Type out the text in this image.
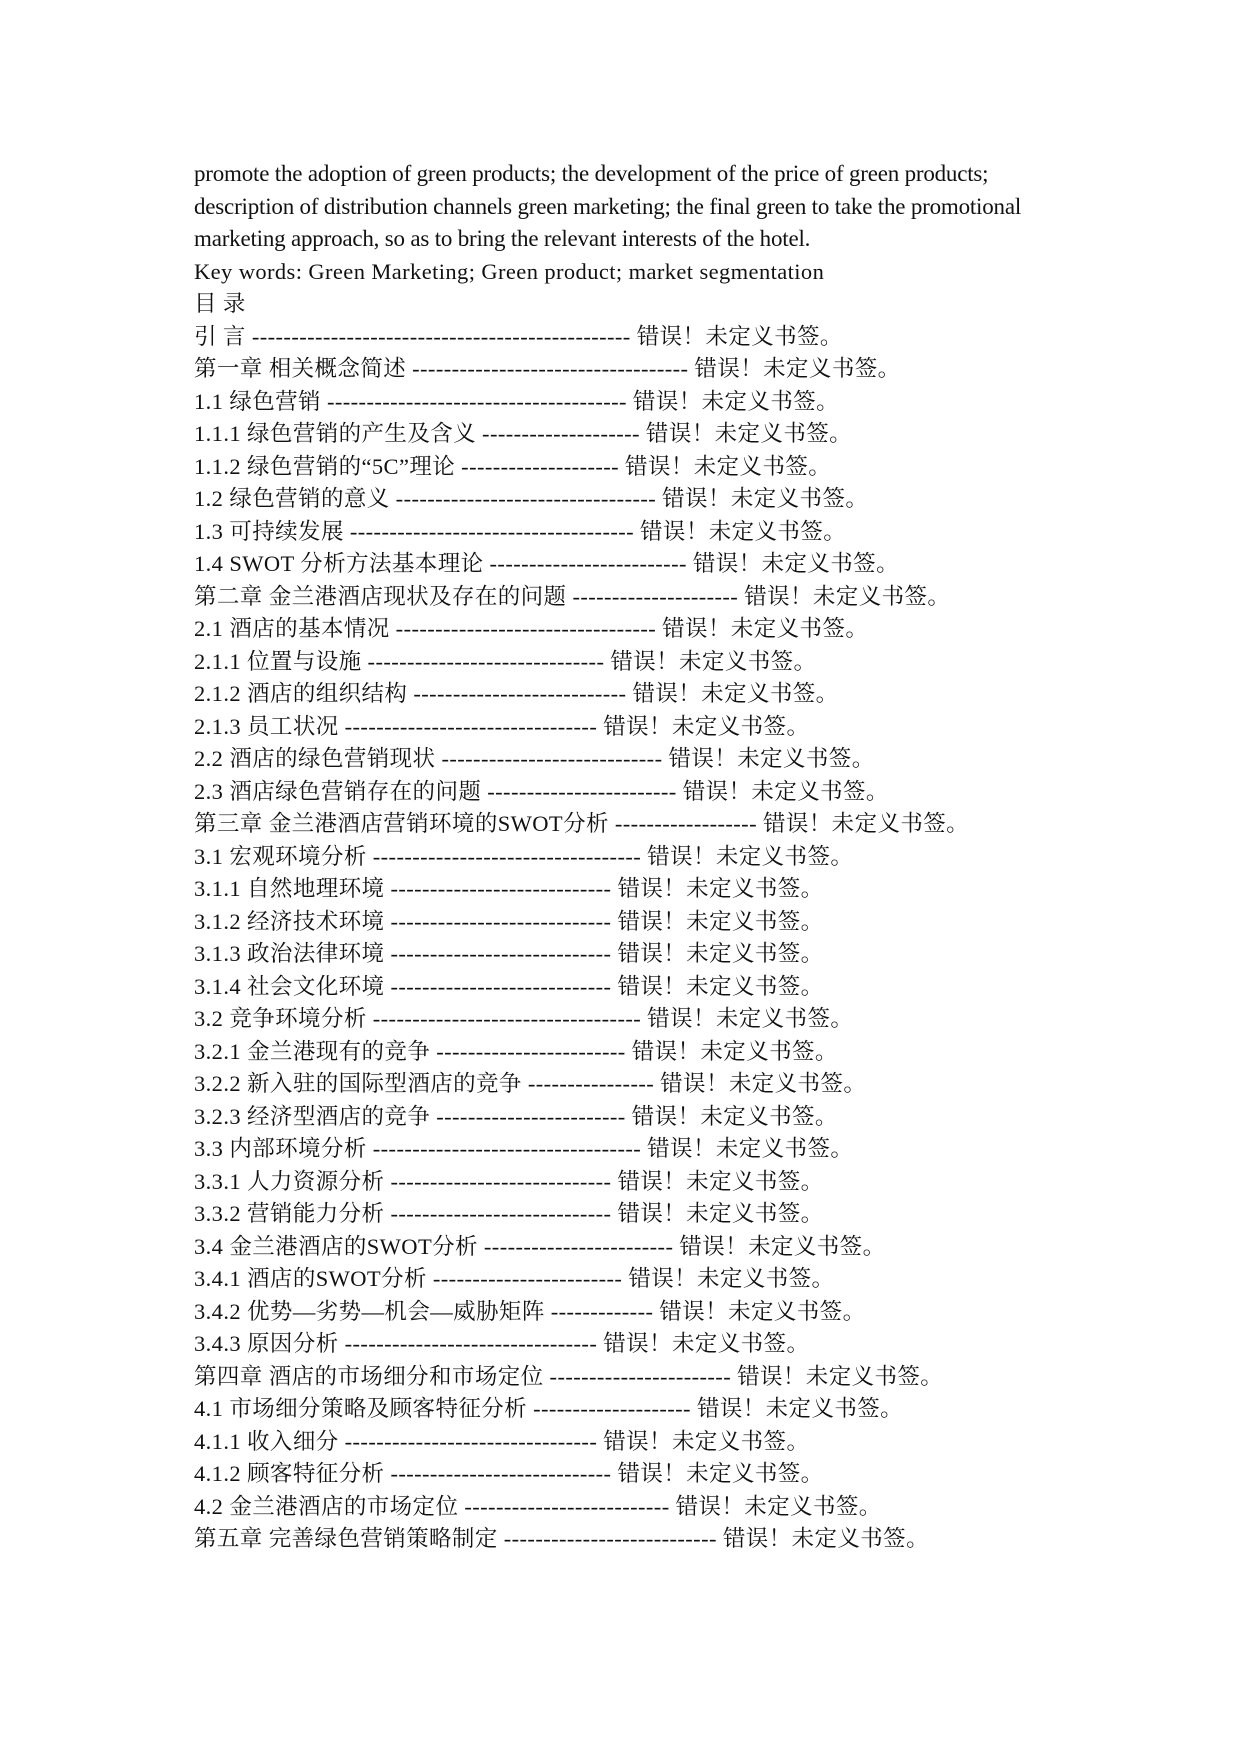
promote the adoption of green products; the development of the price of green products; description of distribution channels green marketing; the final green to take the promotional marketing approach, so as to bring the relevant interests of the hotel.

Key words: Green Marketing; Green product; market segmentation

目 录

引 言 ------------------------------------------------ 错误！未定义书签。

第一章 相关概念简述 ----------------------------------- 错误！未定义书签。

1.1 绿色营销 -------------------------------------- 错误！未定义书签。

1.1.1 绿色营销的产生及含义 -------------------- 错误！未定义书签。

1.1.2 绿色营销的“5C”理论 -------------------- 错误！未定义书签。

1.2 绿色营销的意义 --------------------------------- 错误！未定义书签。

1.3 可持续发展 ------------------------------------ 错误！未定义书签。

1.4 SWOT 分析方法基本理论 ------------------------- 错误！未定义书签。

第二章 金兰港酒店现状及存在的问题 --------------------- 错误！未定义书签。

2.1 酒店的基本情况 --------------------------------- 错误！未定义书签。

2.1.1 位置与设施 ------------------------------ 错误！未定义书签。

2.1.2 酒店的组织结构 --------------------------- 错误！未定义书签。

2.1.3 员工状况 -------------------------------- 错误！未定义书签。

2.2 酒店的绿色营销现状 ---------------------------- 错误！未定义书签。

2.3 酒店绿色营销存在的问题 ------------------------ 错误！未定义书签。

第三章 金兰港酒店营销环境的SWOT分析 ------------------ 错误！未定义书签。

3.1 宏观环境分析 ---------------------------------- 错误！未定义书签。

3.1.1 自然地理环境 ---------------------------- 错误！未定义书签。

3.1.2 经济技术环境 ---------------------------- 错误！未定义书签。

3.1.3 政治法律环境 ---------------------------- 错误！未定义书签。

3.1.4 社会文化环境 ---------------------------- 错误！未定义书签。

3.2 竞争环境分析 ---------------------------------- 错误！未定义书签。

3.2.1 金兰港现有的竞争 ------------------------ 错误！未定义书签。

3.2.2 新入驻的国际型酒店的竞争 ---------------- 错误！未定义书签。

3.2.3 经济型酒店的竞争 ------------------------ 错误！未定义书签。

3.3 内部环境分析 ---------------------------------- 错误！未定义书签。

3.3.1 人力资源分析 ---------------------------- 错误！未定义书签。

3.3.2 营销能力分析 ---------------------------- 错误！未定义书签。

3.4 金兰港酒店的SWOT分析 ------------------------ 错误！未定义书签。

3.4.1 酒店的SWOT分析 ------------------------ 错误！未定义书签。

3.4.2 优势—劣势—机会—威胁矩阵 ------------- 错误！未定义书签。

3.4.3 原因分析 -------------------------------- 错误！未定义书签。

第四章 酒店的市场细分和市场定位 ----------------------- 错误！未定义书签。

4.1 市场细分策略及顾客特征分析 -------------------- 错误！未定义书签。

4.1.1 收入细分 -------------------------------- 错误！未定义书签。

4.1.2 顾客特征分析 ---------------------------- 错误！未定义书签。

4.2 金兰港酒店的市场定位 -------------------------- 错误！未定义书签。

第五章 完善绿色营销策略制定 --------------------------- 错误！未定义书签。
